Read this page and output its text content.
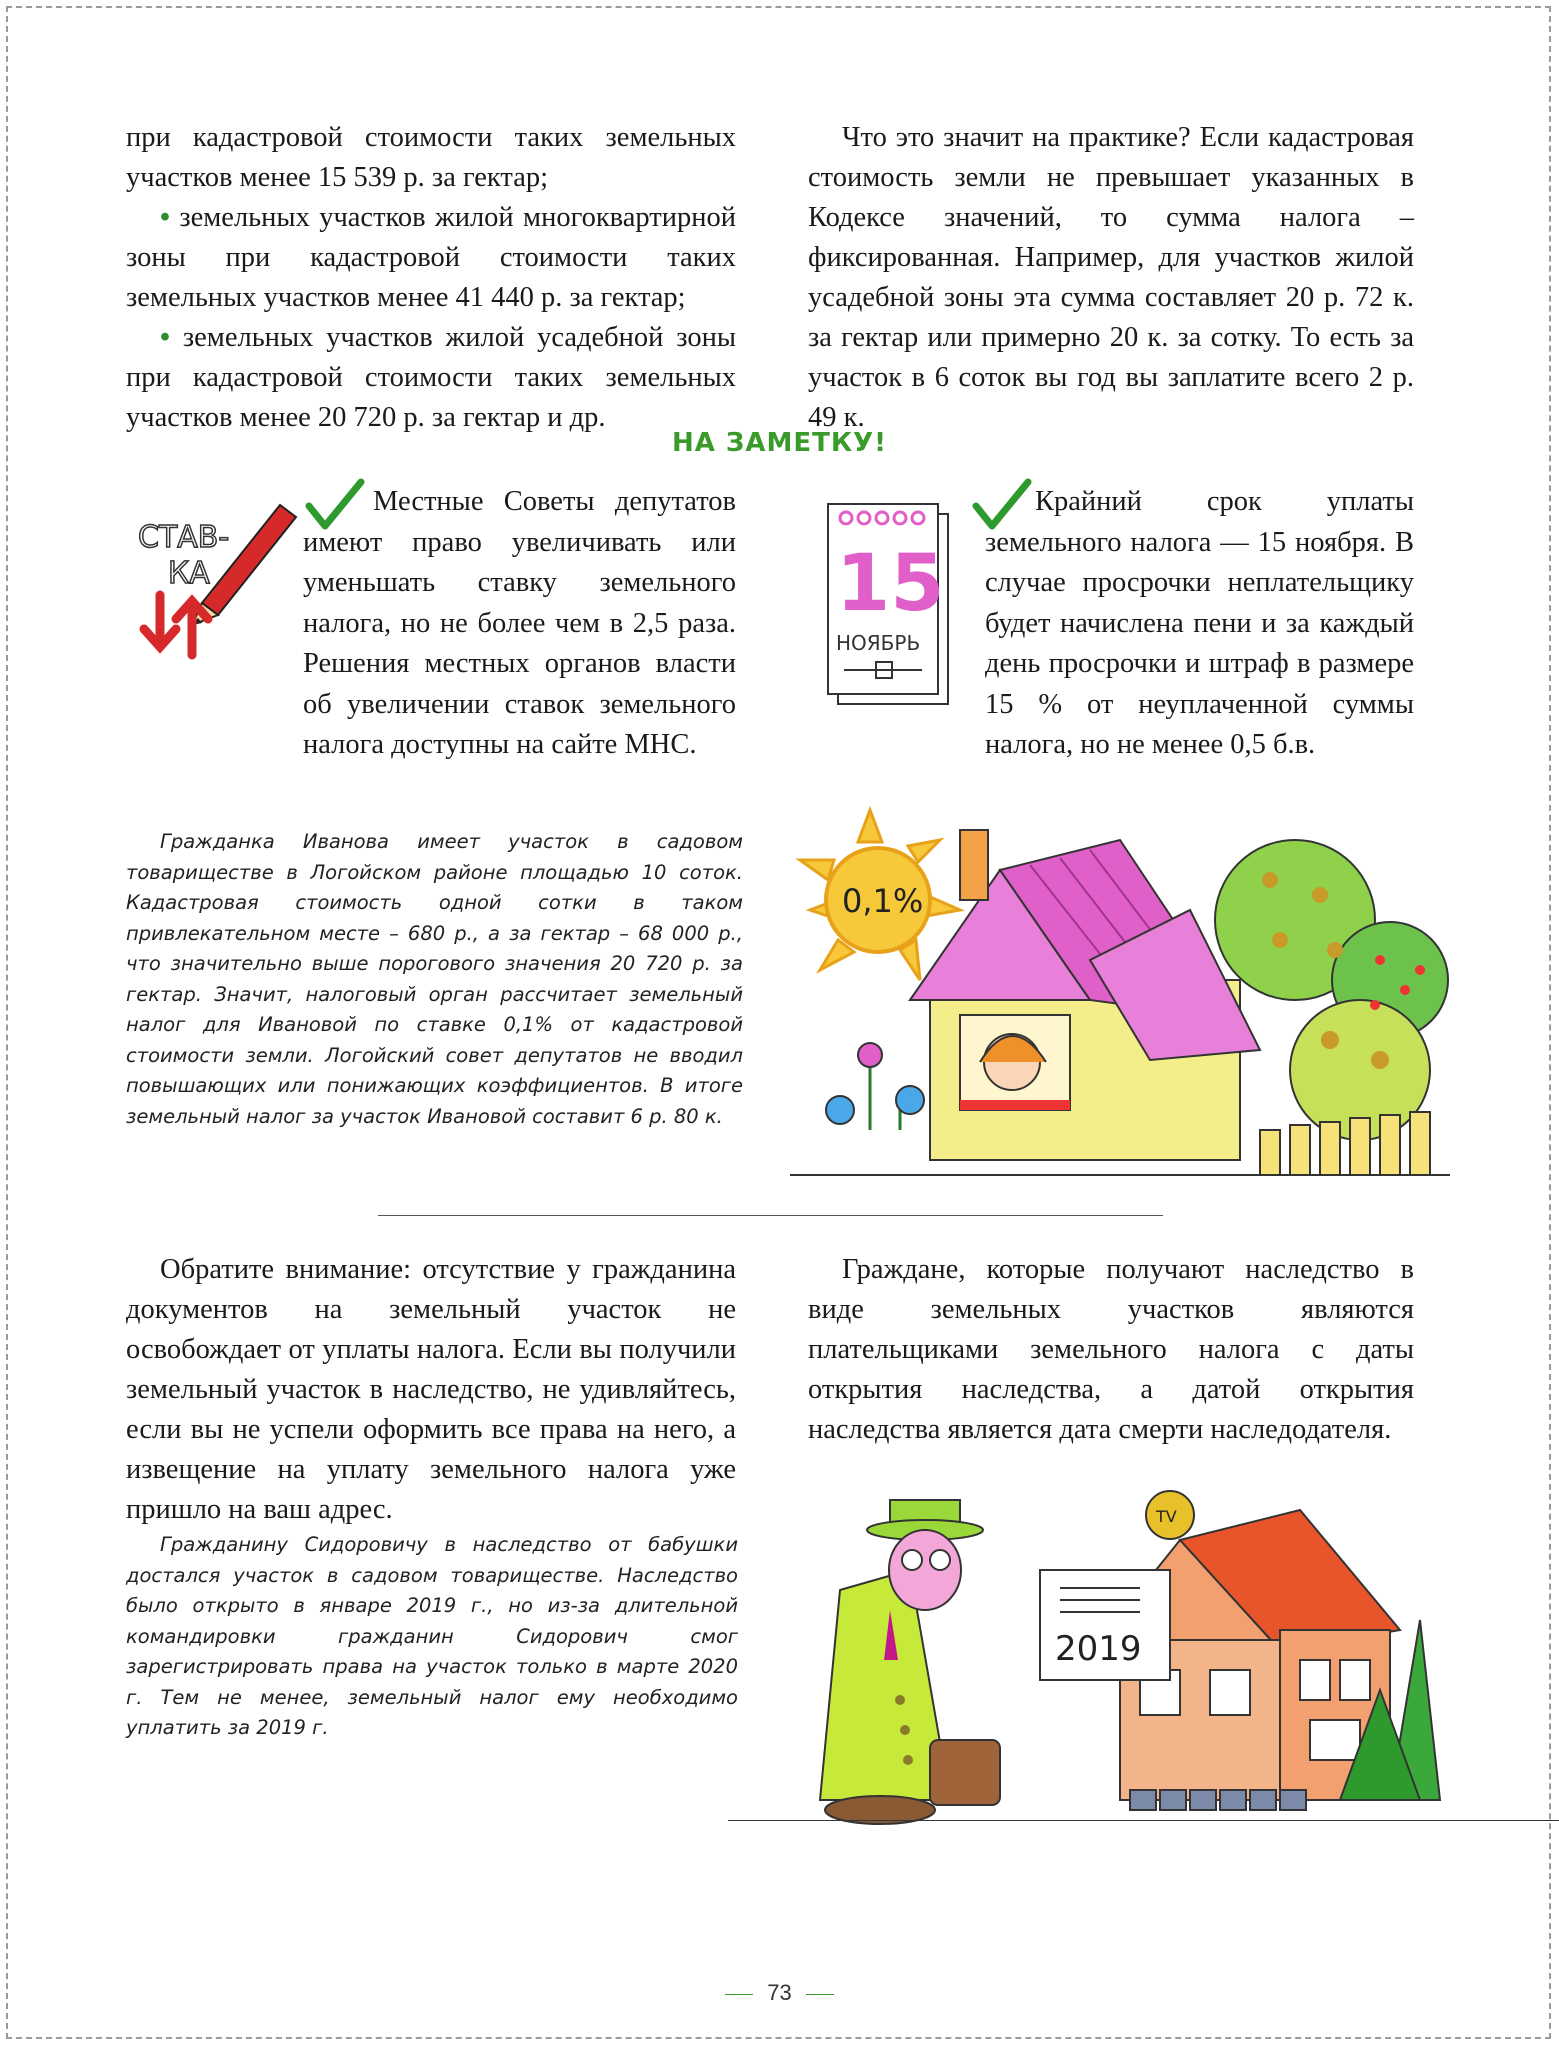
при кадастровой стоимости таких земельных участков менее 15 539 р. за гектар;

• земельных участков жилой многоквартирной зоны при кадастровой стоимости таких земельных участков менее 41 440 р. за гектар;

• земельных участков жилой усадебной зоны при кадастровой стоимости таких земельных участков менее 20 720 р. за гектар и др.

Что это значит на практике? Если кадастровая стоимость земли не превышает указанных в Кодексе значений, то сумма налога – фиксированная. Например, для участков жилой усадебной зоны эта сумма составляет 20 р. 72 к. за гектар или примерно 20 к. за сотку. То есть за участок в 6 соток вы год вы заплатите всего 2 р. 49 к.
НА ЗАМЕТКУ!
СТАВ-
КА
Местные Советы депутатов имеют право увеличивать или уменьшать ставку земельного налога, но не более чем в 2,5 раза. Решения местных органов власти об увеличении ставок земельного налога доступны на сайте МНС.
15
НОЯБРЬ
Крайний срок уплаты земельного налога — 15 ноября. В случае просрочки неплательщику будет начислена пени и за каждый день просрочки и штраф в размере 15 % от неуплаченной суммы налога, но не менее 0,5 б.в.
Гражданка Иванова имеет участок в садовом товариществе в Логойском районе площадью 10 соток. Кадастровая стоимость одной сотки в таком привлекательном месте – 680 р., а за гектар – 68 000 р., что значительно выше порогового значения 20 720 р. за гектар. Значит, налоговый орган рассчитает земельный налог для Ивановой по ставке 0,1% от кадастровой стоимости земли. Логойский совет депутатов не вводил повышающих или понижающих коэффициентов. В итоге земельный налог за участок Ивановой составит 6 р. 80 к.
0,1%
Обратите внимание: отсутствие у гражданина документов на земельный участок не освобождает от уплаты налога. Если вы получили земельный участок в наследство, не удивляйтесь, если вы не успели оформить все права на него, а извещение на уплату земельного налога уже пришло на ваш адрес.
Граждане, которые получают наследство в виде земельных участков являются плательщиками земельного налога с даты открытия наследства, а датой открытия наследства является дата смерти наследодателя.
Гражданину Сидоровичу в наследство от бабушки достался участок в садовом товариществе. Наследство было открыто в январе 2019 г., но из-за длительной командировки гражданин Сидорович смог зарегистрировать права на участок только в марте 2020 г. Тем не менее, земельный налог ему необходимо уплатить за 2019 г.
2019
TV
73
